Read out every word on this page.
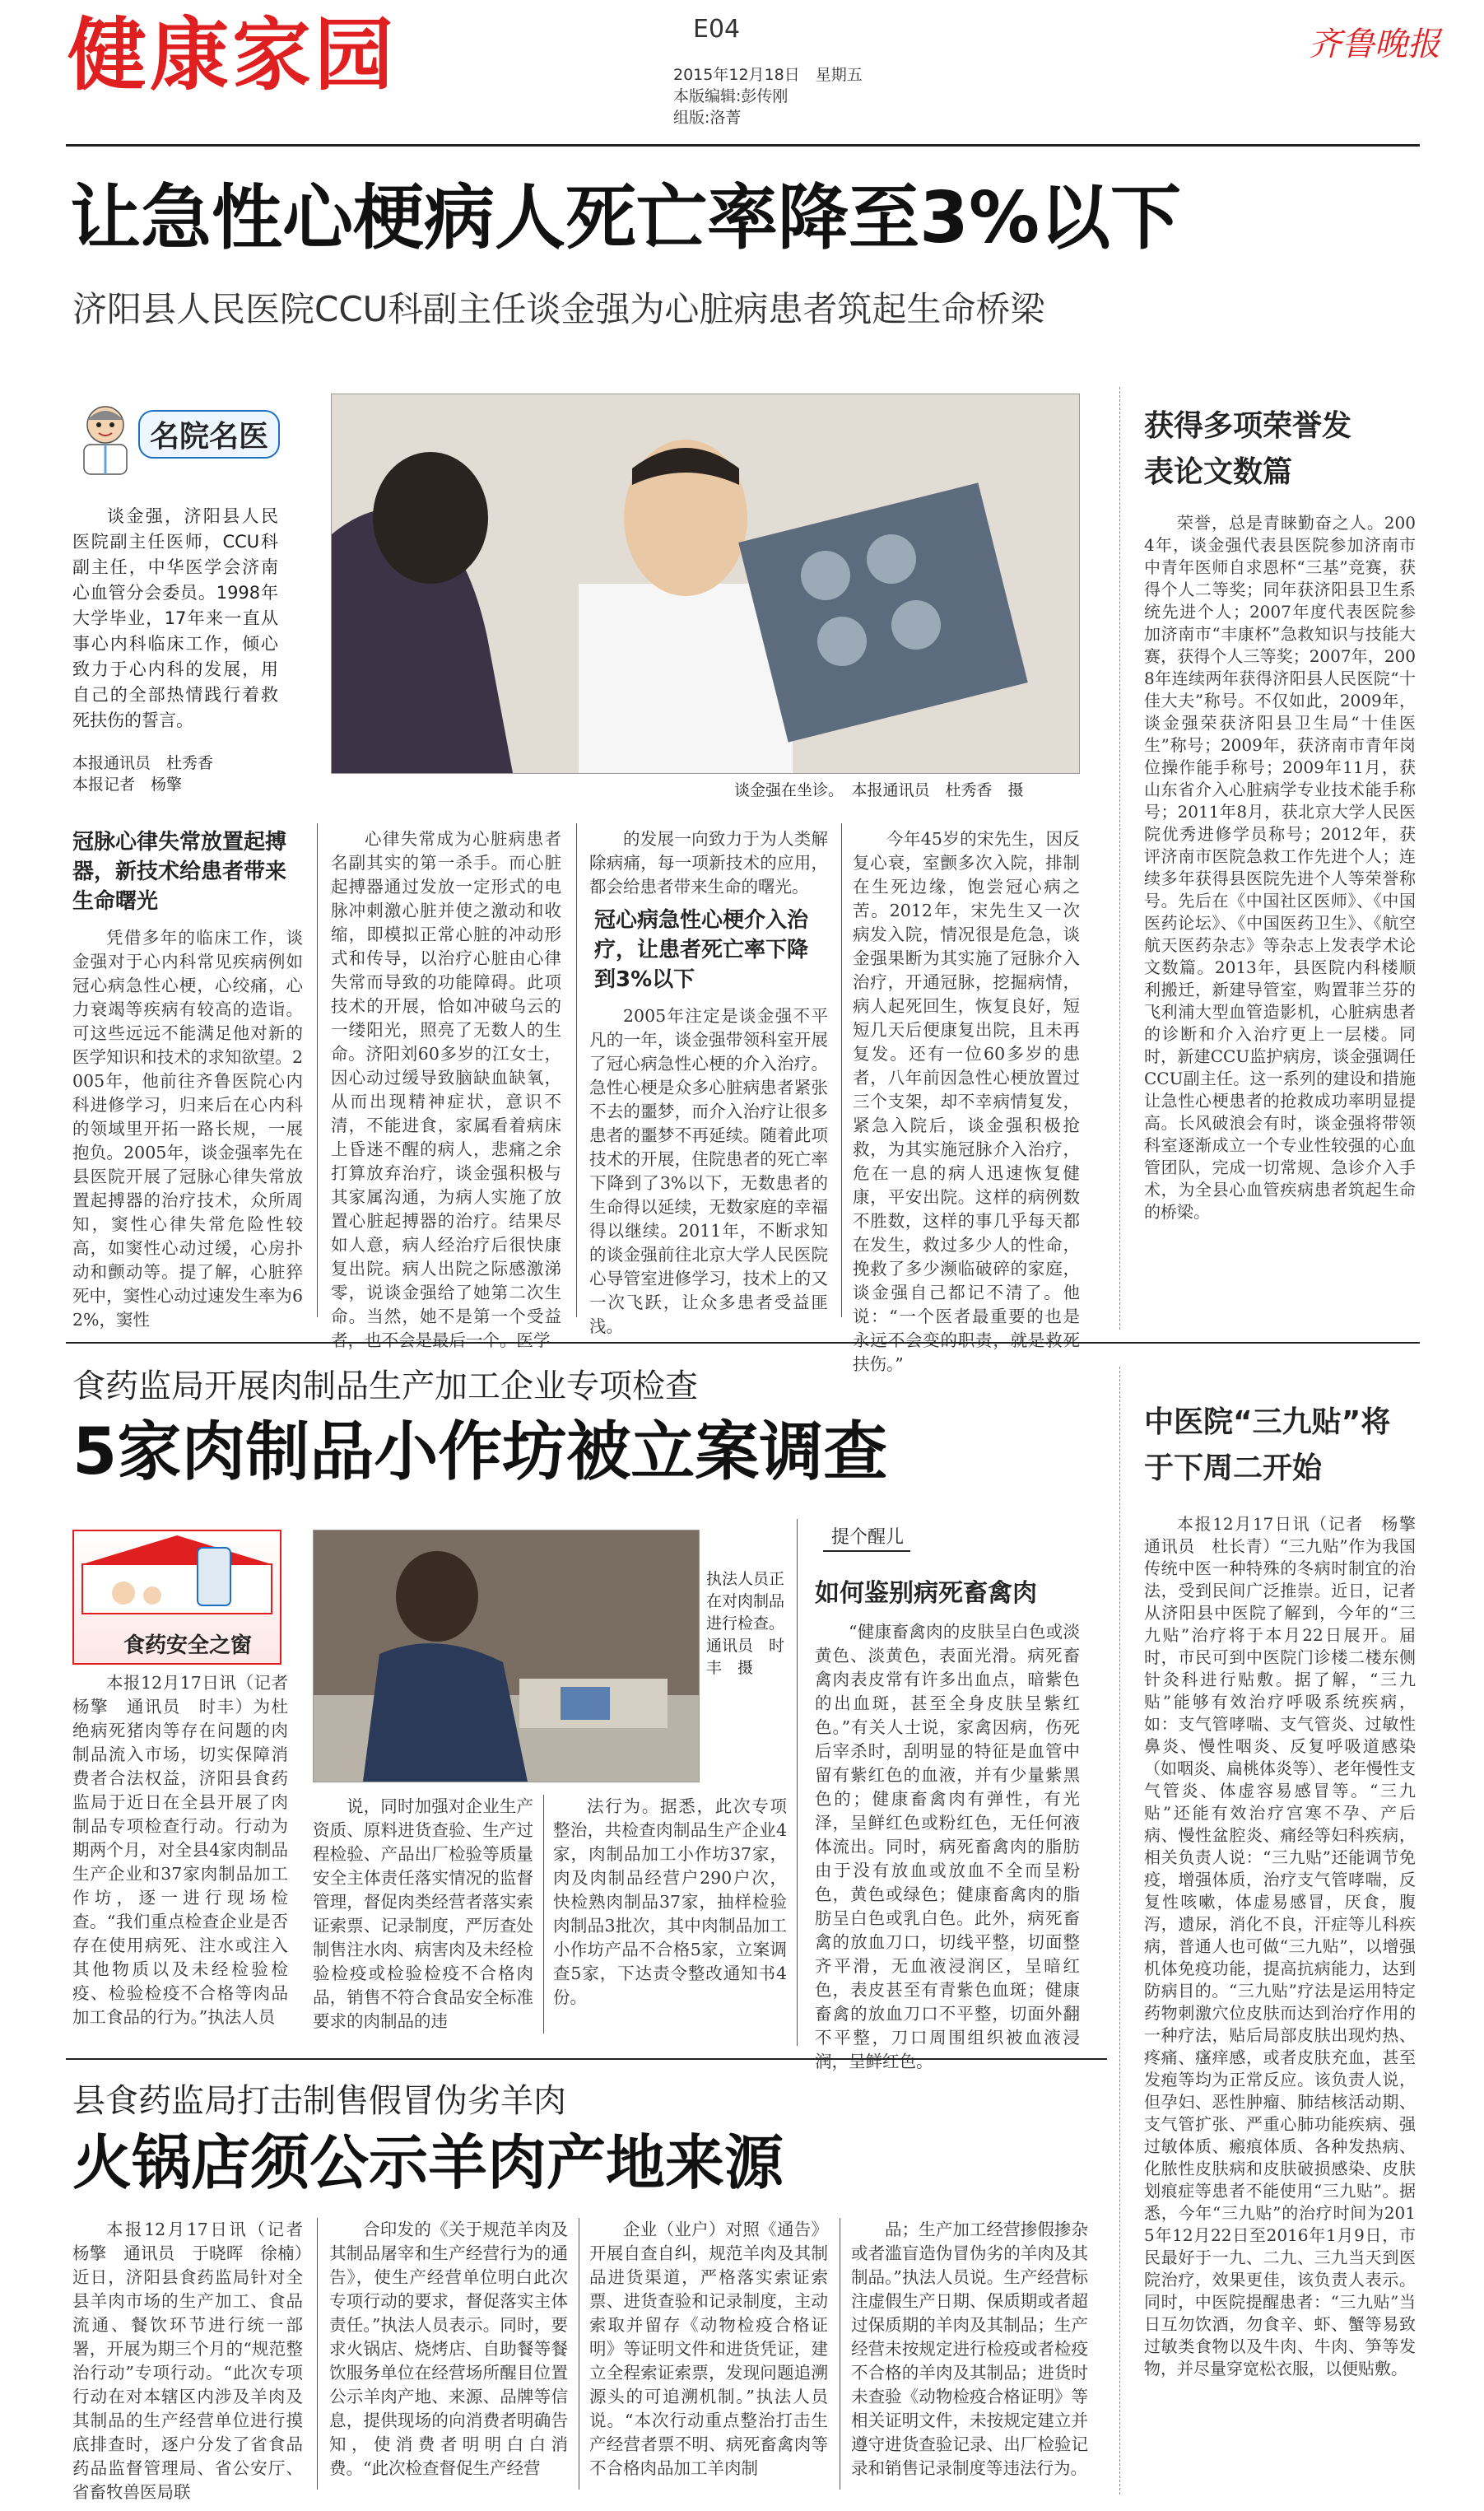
健康家园	E04
2015年12月18日　星期五
本版编辑:彭传刚
组版:洛菁
齐鲁晚报
让急性心梗病人死亡率降至3%以下
济阳县人民医院CCU科副主任谈金强为心脏病患者筑起生命桥梁
名院名医

谈金强，济阳县人民医院副主任医师，CCU科副主任，中华医学会济南心血管分会委员。1998年大学毕业，17年来一直从事心内科临床工作，倾心致力于心内科的发展，用自己的全部热情践行着救死扶伤的誓言。

本报通讯员　杜秀香
本报记者　杨擎	谈金强在坐诊。　本报通讯员　杜秀香　摄
冠脉心律失常放置起搏器，新技术给患者带来生命曙光

凭借多年的临床工作，谈金强对于心内科常见疾病例如冠心病急性心梗，心绞痛，心力衰竭等疾病有较高的造诣。可这些远远不能满足他对新的医学知识和技术的求知欲望。2005年，他前往齐鲁医院心内科进修学习，归来后在心内科的领域里开拓一路长规，一展抱负。2005年，谈金强率先在县医院开展了冠脉心律失常放置起搏器的治疗技术，众所周知，窦性心律失常危险性较高，如窦性心动过缓，心房扑动和颤动等。提了解，心脏猝死中，窦性心动过速发生率为62%，窦性

心律失常成为心脏病患者名副其实的第一杀手。而心脏起搏器通过发放一定形式的电脉冲刺激心脏并使之激动和收缩，即模拟正常心脏的冲动形式和传导，以治疗心脏由心律失常而导致的功能障碍。此项技术的开展，恰如冲破乌云的一缕阳光，照亮了无数人的生命。济阳刘60多岁的江女士，因心动过缓导致脑缺血缺氧，从而出现精神症状，意识不清，不能进食，家属看着病床上昏迷不醒的病人，悲痛之余打算放弃治疗，谈金强积极与其家属沟通，为病人实施了放置心脏起搏器的治疗。结果尽如人意，病人经治疗后很快康复出院。病人出院之际感激涕零，说谈金强给了她第二次生命。当然，她不是第一个受益者，也不会是最后一个。医学

的发展一向致力于为人类解除病痛，每一项新技术的应用，都会给患者带来生命的曙光。

冠心病急性心梗介入治疗，让患者死亡率下降到3%以下

2005年注定是谈金强不平凡的一年，谈金强带领科室开展了冠心病急性心梗的介入治疗。急性心梗是众多心脏病患者紧张不去的噩梦，而介入治疗让很多患者的噩梦不再延续。随着此项技术的开展，住院患者的死亡率下降到了3%以下，无数患者的生命得以延续，无数家庭的幸福得以继续。2011年，不断求知的谈金强前往北京大学人民医院心导管室进修学习，技术上的又一次飞跃，让众多患者受益匪浅。

今年45岁的宋先生，因反复心衰，室颤多次入院，排制在生死边缘，饱尝冠心病之苦。2012年，宋先生又一次病发入院，情况很是危急，谈金强果断为其实施了冠脉介入治疗，开通冠脉，挖掘病情，病人起死回生，恢复良好，短短几天后便康复出院，且未再复发。还有一位60多岁的患者，八年前因急性心梗放置过三个支架，却不幸病情复发，紧急入院后，谈金强积极抢救，为其实施冠脉介入治疗，危在一息的病人迅速恢复健康，平安出院。这样的病例数不胜数，这样的事几乎每天都在发生，救过多少人的性命，挽救了多少濒临破碎的家庭，谈金强自己都记不清了。他说：“一个医者最重要的也是永远不会变的职责，就是救死扶伤。”

获得多项荣誉发表论文数篇

荣誉，总是青睐勤奋之人。2004年，谈金强代表县医院参加济南市中青年医师自求恩杯“三基”竞赛，获得个人二等奖；同年获济阳县卫生系统先进个人；2007年度代表医院参加济南市“丰康杯”急救知识与技能大赛，获得个人三等奖；2007年，2008年连续两年获得济阳县人民医院“十佳大夫”称号。不仅如此，2009年，谈金强荣获济阳县卫生局“十佳医生”称号；2009年，获济南市青年岗位操作能手称号；2009年11月，获山东省介入心脏病学专业技术能手称号；2011年8月，获北京大学人民医院优秀进修学员称号；2012年，获评济南市医院急救工作先进个人；连续多年获得县医院先进个人等荣誉称号。先后在《中国社区医师》、《中国医药论坛》、《中国医药卫生》、《航空航天医药杂志》等杂志上发表学术论文数篇。2013年，县医院内科楼顺利搬迁，新建导管室，购置菲兰芬的飞利浦大型血管造影机，心脏病患者的诊断和介入治疗更上一层楼。同时，新建CCU监护病房，谈金强调任CCU副主任。这一系列的建设和措施让急性心梗患者的抢救成功率明显提高。长风破浪会有时，谈金强将带领科室逐渐成立一个专业性较强的心血管团队，完成一切常规、急诊介入手术，为全县心血管疾病患者筑起生命的桥梁。

食药监局开展肉制品生产加工企业专项检查
5家肉制品小作坊被立案调查
食药安全之窗

本报12月17日讯（记者　杨擎　通讯员　时丰）为杜绝病死猪肉等存在问题的肉制品流入市场，切实保障消费者合法权益，济阳县食药监局于近日在全县开展了肉制品专项检查行动。行动为期两个月，对全县4家肉制品生产企业和37家肉制品加工作坊，逐一进行现场检查。“我们重点检查企业是否存在使用病死、注水或注入其他物质以及未经检验检疫、检验检疫不合格等肉品加工食品的行为。”执法人员

执法人员正在对肉制品进行检查。通讯员　时丰　摄

说，同时加强对企业生产资质、原料进货查验、生产过程检验、产品出厂检验等质量安全主体责任落实情况的监督管理，督促肉类经营者落实索证索票、记录制度，严厉查处制售注水肉、病害肉及未经检验检疫或检验检疫不合格肉品，销售不符合食品安全标准要求的肉制品的违

法行为。据悉，此次专项整治，共检查肉制品生产企业4家，肉制品加工小作坊37家，肉及肉制品经营户290户次，快检熟肉制品37家，抽样检验肉制品3批次，其中肉制品加工小作坊产品不合格5家，立案调查5家，下达责令整改通知书4份。

提个醒儿
如何鉴别病死畜禽肉

“健康畜禽肉的皮肤呈白色或淡黄色、淡黄色，表面光滑。病死畜禽肉表皮常有许多出血点，暗紫色的出血斑，甚至全身皮肤呈紫红色。”有关人士说，家禽因病，伤死后宰杀时，刮明显的特征是血管中留有紫红色的血液，并有少量紫黑色的；健康畜禽肉有弹性，有光泽，呈鲜红色或粉红色，无任何液体流出。同时，病死畜禽肉的脂肪由于没有放血或放血不全而呈粉色，黄色或绿色；健康畜禽肉的脂肪呈白色或乳白色。此外，病死畜禽的放血刀口，切线平整，切面整齐平滑，无血液浸润区，呈暗红色，表皮甚至有青紫色血斑；健康畜禽的放血刀口不平整，切面外翻不平整，刀口周围组织被血液浸润，呈鲜红色。

中医院“三九贴”将于下周二开始

本报12月17日讯（记者　杨擎　通讯员　杜长青）“三九贴”作为我国传统中医一种特殊的冬病时制宜的治法，受到民间广泛推崇。近日，记者从济阳县中医院了解到，今年的“三九贴”治疗将于本月22日展开。届时，市民可到中医院门诊楼二楼东侧针灸科进行贴敷。据了解，“三九贴”能够有效治疗呼吸系统疾病，如：支气管哮喘、支气管炎、过敏性鼻炎、慢性咽炎、反复呼吸道感染（如咽炎、扁桃体炎等）、老年慢性支气管炎、体虚容易感冒等。“三九贴”还能有效治疗宫寒不孕、产后病、慢性盆腔炎、痛经等妇科疾病，相关负责人说：“三九贴”还能调节免疫，增强体质，治疗支气管哮喘，反复性咳嗽，体虚易感冒，厌食，腹泻，遗尿，消化不良，汗症等儿科疾病，普通人也可做“三九贴”，以增强机体免疫功能，提高抗病能力，达到防病目的。“三九贴”疗法是运用特定药物刺激穴位皮肤而达到治疗作用的一种疗法，贴后局部皮肤出现灼热、疼痛、瘙痒感，或者皮肤充血，甚至发疱等均为正常反应。该负责人说，但孕妇、恶性肿瘤、肺结核活动期、支气管扩张、严重心肺功能疾病、强过敏体质、瘢痕体质、各种发热病、化脓性皮肤病和皮肤破损感染、皮肤划痕症等患者不能使用“三九贴”。据悉，今年“三九贴”的治疗时间为2015年12月22日至2016年1月9日，市民最好于一九、二九、三九当天到医院治疗，效果更佳，该负责人表示。同时，中医院提醒患者：“三九贴”当日互勿饮酒，勿食辛、虾、蟹等易致过敏类食物以及牛肉、牛肉、笋等发物，并尽量穿宽松衣服，以便贴敷。

县食药监局打击制售假冒伪劣羊肉
火锅店须公示羊肉产地来源

本报12月17日讯（记者　杨擎　通讯员　于晓晖　徐楠）近日，济阳县食药监局针对全县羊肉市场的生产加工、食品流通、餐饮环节进行统一部署，开展为期三个月的“规范整治行动”专项行动。“此次专项行动在对本辖区内涉及羊肉及其制品的生产经营单位进行摸底排查时，逐户分发了省食品药品监督管理局、省公安厅、省畜牧兽医局联

合印发的《关于规范羊肉及其制品屠宰和生产经营行为的通告》，使生产经营单位明白此次专项行动的要求，督促落实主体责任。”执法人员表示。同时，要求火锅店、烧烤店、自助餐等餐饮服务单位在经营场所醒目位置公示羊肉产地、来源、品牌等信息，提供现场的向消费者明确告知，使消费者明明白白消费。“此次检查督促生产经营

企业（业户）对照《通告》开展自查自纠，规范羊肉及其制品进货渠道，严格落实索证索票、进货查验和记录制度，主动索取并留存《动物检疫合格证明》等证明文件和进货凭证，建立全程索证索票，发现问题追溯源头的可追溯机制。”执法人员说。“本次行动重点整治打击生产经营者票不明、病死畜禽肉等不合格肉品加工羊肉制

品；生产加工经营掺假掺杂或者滥盲造伪冒伪劣的羊肉及其制品。”执法人员说。生产经营标注虚假生产日期、保质期或者超过保质期的羊肉及其制品；生产经营未按规定进行检疫或者检疫不合格的羊肉及其制品；进货时未查验《动物检疫合格证明》等相关证明文件，未按规定建立并遵守进货查验记录、出厂检验记录和销售记录制度等违法行为。
